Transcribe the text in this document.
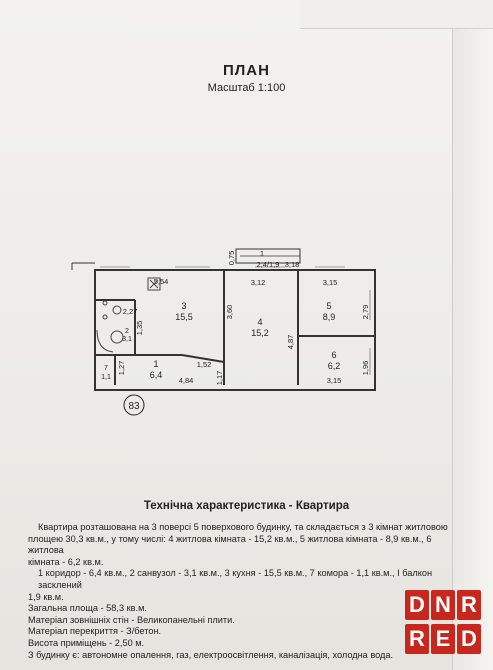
ПЛАН
Масштаб 1:100
3
15,5	4
15,2
5
8,9
6
6,2
1
6,4
2
3,1
7
1,1
5,54
2,27
3,12	3,15
1,52
4,84	3,15
2,4/1,9 3,18
1
3,60	2,79
4,87
1,35
1,27
1,17
1,96
0,75
83
Технічна характеристика - Квартира

Квартира розташована на 3 поверсі 5 поверхового будинку, та складається з 3 кімнат житловою

площею 30,3 кв.м., у тому числі: 4 житлова кімната - 15,2 кв.м., 5 житлова кімната - 8,9 кв.м., 6 житлова

кімната - 6,2 кв.м.

1 коридор - 6,4 кв.м., 2 санвузол - 3,1 кв.м., 3 кухня - 15,5 кв.м., 7 комора - 1,1 кв.м., I балкон засклений

1,9 кв.м.

Загальна площа - 58,3 кв.м.

Матеріал зовнішніх стін - Великопанельні плити.

Матеріал перекриття - З/бетон.

Висота приміщень - 2,50 м.

З будинку є: автономне опалення, газ, електроосвітлення, каналізація, холодна вода.

D N R
R E D
